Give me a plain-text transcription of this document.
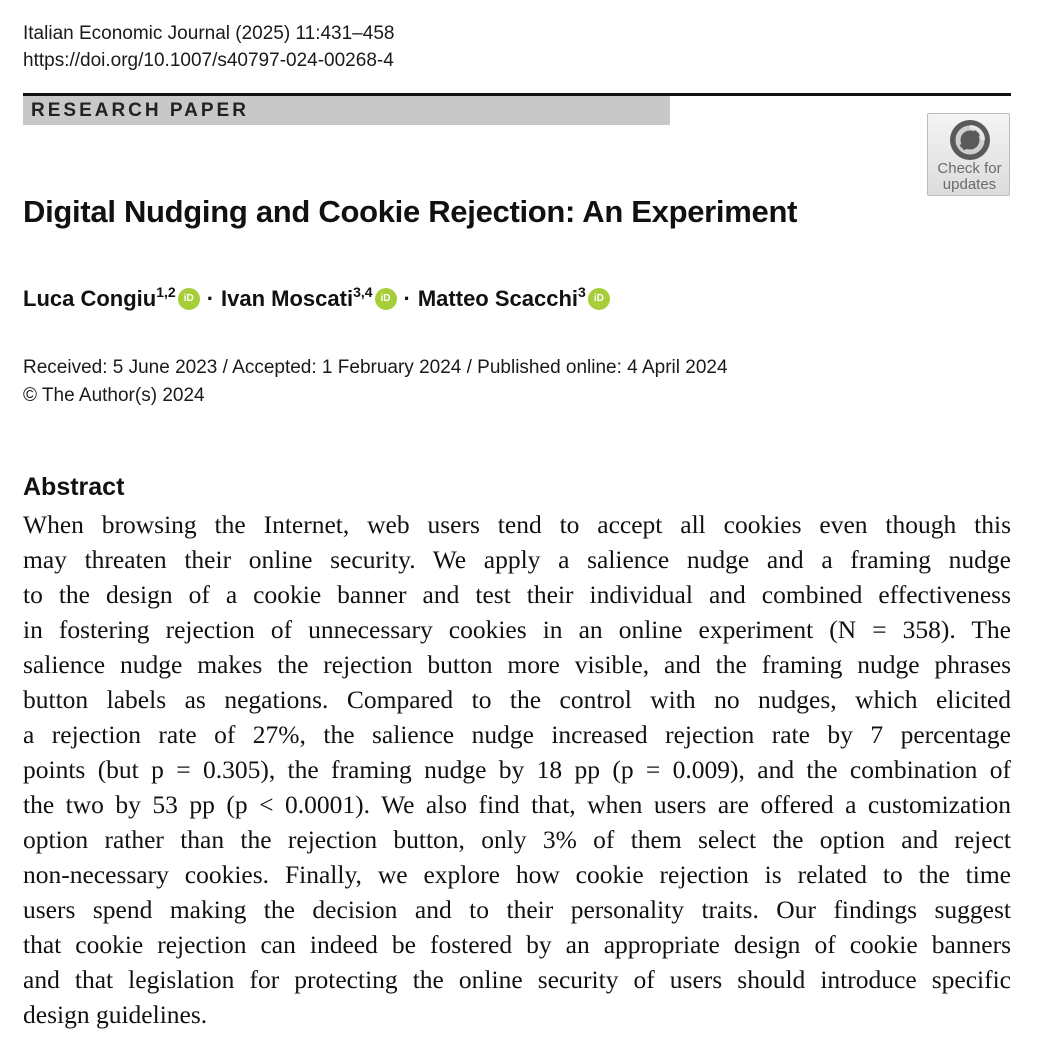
Italian Economic Journal (2025) 11:431–458
https://doi.org/10.1007/s40797-024-00268-4
RESEARCH PAPER
Check for
updates
Digital Nudging and Cookie Rejection: An Experiment
Luca Congiu$^{1,2}$ iD · Ivan Moscati$^{3,4}$ iD · Matteo Scacchi$^3$ iD
Received: 5 June 2023 / Accepted: 1 February 2024 / Published online: 4 April 2024
© The Author(s) 2024
Abstract
When browsing the Internet, web users tend to accept all cookies even though this
may threaten their online security. We apply a salience nudge and a framing nudge
to the design of a cookie banner and test their individual and combined effectiveness
in fostering rejection of unnecessary cookies in an online experiment (N = 358). The
salience nudge makes the rejection button more visible, and the framing nudge phrases
button labels as negations. Compared to the control with no nudges, which elicited
a rejection rate of 27%, the salience nudge increased rejection rate by 7 percentage
points (but p = 0.305), the framing nudge by 18 pp (p = 0.009), and the combination of
the two by 53 pp (p < 0.0001). We also find that, when users are offered a customization
option rather than the rejection button, only 3% of them select the option and reject
non-necessary cookies. Finally, we explore how cookie rejection is related to the time
users spend making the decision and to their personality traits. Our findings suggest
that cookie rejection can indeed be fostered by an appropriate design of cookie banners
and that legislation for protecting the online security of users should introduce specific
design guidelines.
